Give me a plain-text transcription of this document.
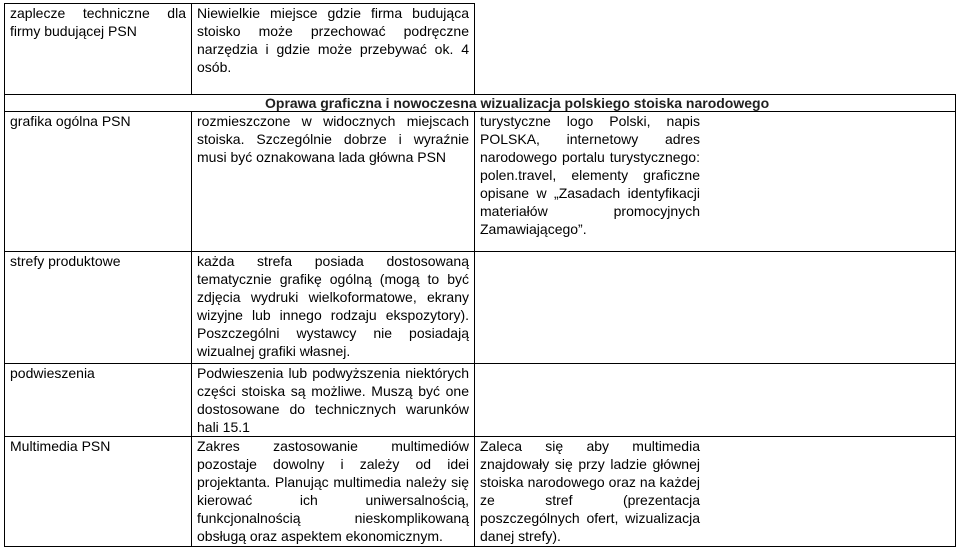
zaplecze techniczne dla firmy budującej PSN	Niewielkie miejsce gdzie firma budująca stoisko może przechować podręczne narzędzia i gdzie może przebywać ok. 4 osób.	

Oprawa graficzna i nowoczesna wizualizacja polskiego stoiska narodowego		

grafika ogólna PSN	rozmieszczone w widocznych miejscach stoiska. Szczególnie dobrze i wyraźnie musi być oznakowana lada główna PSN	turystyczne logo Polski, napis POLSKA, internetowy adres narodowego portalu turystycznego: polen.travel, elementy graficzne opisane w „Zasadach identyfikacji materiałów promocyjnych Zamawiającego”.
strefy produktowe	każda strefa posiada dostosowaną tematycznie grafikę ogólną (mogą to być zdjęcia wydruki wielkoformatowe, ekrany wizyjne lub innego rodzaju ekspozytory). Poszczególni wystawcy nie posiadają wizualnej grafiki własnej.	
podwieszenia	Podwieszenia lub podwyższenia niektórych części stoiska są możliwe. Muszą być one dostosowane do technicznych warunków hali 15.1	
Multimedia PSN	Zakres zastosowanie multimediów pozostaje dowolny i zależy od idei projektanta. Planując multimedia należy się kierować ich uniwersalnością, funkcjonalnością nieskomplikowaną obsługą oraz aspektem ekonomicznym.	Zaleca się aby multimedia znajdowały się przy ladzie głównej stoiska narodowego oraz na każdej ze stref (prezentacja poszczególnych ofert, wizualizacja danej strefy).
